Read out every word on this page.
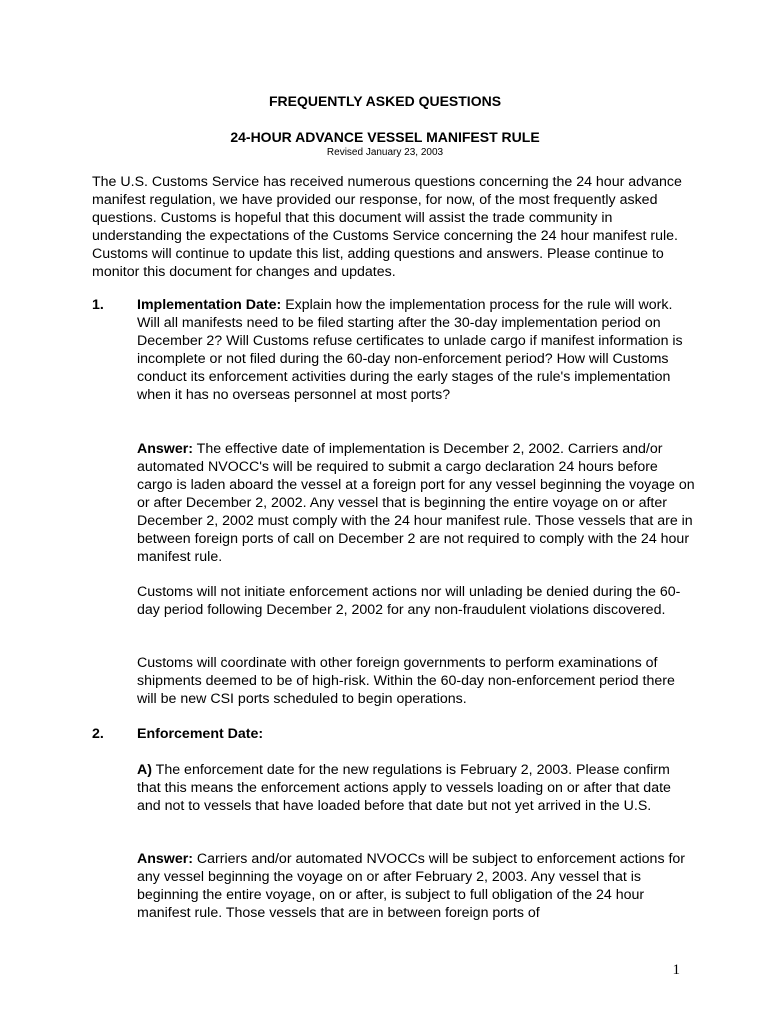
FREQUENTLY ASKED QUESTIONS
24-HOUR ADVANCE VESSEL MANIFEST RULE
Revised January 23, 2003

The U.S. Customs Service has received numerous questions concerning the 24 hour advance manifest regulation, we have provided our response, for now, of the most frequently asked questions. Customs is hopeful that this document will assist the trade community in understanding the expectations of the Customs Service concerning the 24 hour manifest rule. Customs will continue to update this list, adding questions and answers. Please continue to monitor this document for changes and updates.

1. Implementation Date: Explain how the implementation process for the rule will work. Will all manifests need to be filed starting after the 30-day implementation period on December 2? Will Customs refuse certificates to unlade cargo if manifest information is incomplete or not filed during the 60-day non-enforcement period? How will Customs conduct its enforcement activities during the early stages of the rule's implementation when it has no overseas personnel at most ports?

Answer: The effective date of implementation is December 2, 2002. Carriers and/or automated NVOCC's will be required to submit a cargo declaration 24 hours before cargo is laden aboard the vessel at a foreign port for any vessel beginning the voyage on or after December 2, 2002. Any vessel that is beginning the entire voyage on or after December 2, 2002 must comply with the 24 hour manifest rule. Those vessels that are in between foreign ports of call on December 2 are not required to comply with the 24 hour manifest rule.

Customs will not initiate enforcement actions nor will unlading be denied during the 60-day period following December 2, 2002 for any non-fraudulent violations discovered.

Customs will coordinate with other foreign governments to perform examinations of shipments deemed to be of high-risk. Within the 60-day non-enforcement period there will be new CSI ports scheduled to begin operations.

2. Enforcement Date:

A) The enforcement date for the new regulations is February 2, 2003. Please confirm that this means the enforcement actions apply to vessels loading on or after that date and not to vessels that have loaded before that date but not yet arrived in the U.S.

Answer: Carriers and/or automated NVOCCs will be subject to enforcement actions for any vessel beginning the voyage on or after February 2, 2003. Any vessel that is beginning the entire voyage, on or after, is subject to full obligation of the 24 hour manifest rule. Those vessels that are in between foreign ports of

1
